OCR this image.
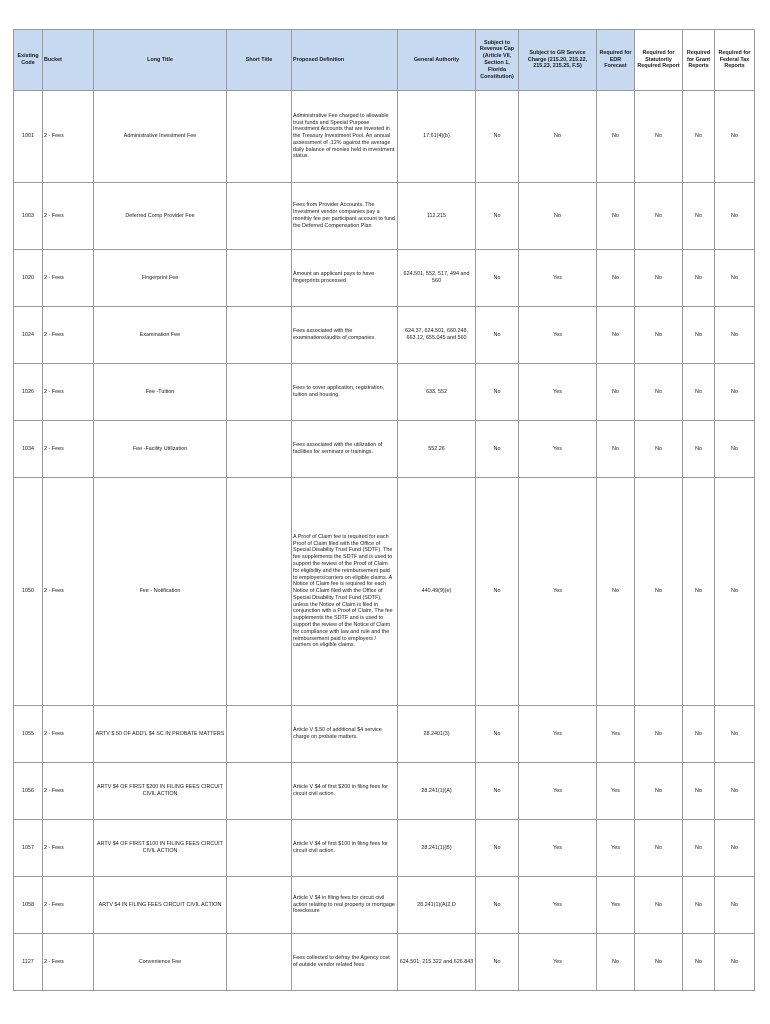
Existing Code	Bucket	Long Title	Short Title	Proposed Definition	General Authority	Subject to Revenue Cap (Article VII, Section 1, Florida Constitution)	Subject to GR Service Charge (215.20, 215.22, 215.23, 215.25, F.S)	Required for EDR Forecast	Required for Statutorily Required Report	Required for Grant Reports	Required for Federal Tax Reports
1001	2 - Fees	Administrative Investment Fee		Administrative Fee charged to allowable trust funds and Special Purpose Investment Accounts that are invested in the Treasury Investment Pool. An annual assessment of .12% against the average daily balance of monies held in investment status.	17.61(4)(b)	No	No	No	No	No	No
1003	2 - Fees	Deferred Comp Provider Fee		Fees from Provider Accounts. The Investment vendor companies pay a monthly fee per participant account to fund the Deferred Compensation Plan	112.215	No	No	No	No	No	No
1020	2 - Fees	Fingerprint Fee		Amount an applicant pays to have fingerprints processed	624.501, 552, 517, 494 and 560	No	Yes	No	No	No	No
1024	2 - Fees	Examination Fee		Fees associated with the examinations/audits of companies.	624.37, 624.501, 660.248, 663.12, 655.045 and 560	No	Yes	No	No	No	No
1026	2 - Fees	Fee -Tuition		Fees to cover application, registration, tuition and housing.	633, 552	No	Yes	No	No	No	No
1034	2 - Fees	Fee -Facility Utilization		Fees associated with the utilization of facilities for seminars or trainings.	552.26	No	Yes	No	No	No	No
1050	2 - Fees	Fee - Notification		A Proof of Claim fee is required for each Proof of Claim filed with the Office of Special Disability Trust Fund (SDTF). The fee supplements the SDTF and is used to support the review of the Proof of Claim for eligibility and the reimbursement paid to employers/carriers on eligible claims. A Notice of Claim fee is required for each Notice of Claim filed with the Office of Special Disability Trust Fund (SDTF), unless the Notice of Claim is filed in conjunction with a Proof of Claim. The fee supplements the SDTF and is used to support the review of the Notice of Claim for compliance with law and rule and the reimbursement paid to employers / carriers on eligible claims.	440.49(9)(e)	No	Yes	No	No	No	No
1055	2 - Fees	ARTV $.50 OF ADD'L $4 SC IN PROBATE MATTERS		Article V $.50 of additional $4 service charge on probate matters.	28.2401(3)	No	Yes	Yes	No	No	No
1056	2 - Fees	ARTV $4 OF FIRST $200 IN FILING FEES CIRCUIT CIVIL ACTION		Article V $4 of first $200 in filing fees for circuit civil action.	28.241(1)(A)	No	Yes	Yes	No	No	No
1057	2 - Fees	ARTV $4 OF FIRST $100 IN FILING FEES CIRCUIT CIVIL ACTION		Article V $4 of first $100 in filing fees for circuit civil action.	28.241(1)(B)	No	Yes	Yes	No	No	No
1058	2 - Fees	ARTV $4 IN FILING FEES CIRCUIT CIVIL ACTION		Article V $4 in filing fees for circuit civil action relating to real property or mortgage foreclosure	28.241(1)(A)2.D	No	Yes	Yes	No	No	No
1127	2 - Fees	Convenience Fee		Fees collected to defray the Agency cost of outside vendor related fees	624.501, 215.322 and 626.843	No	Yes	No	No	No	No
